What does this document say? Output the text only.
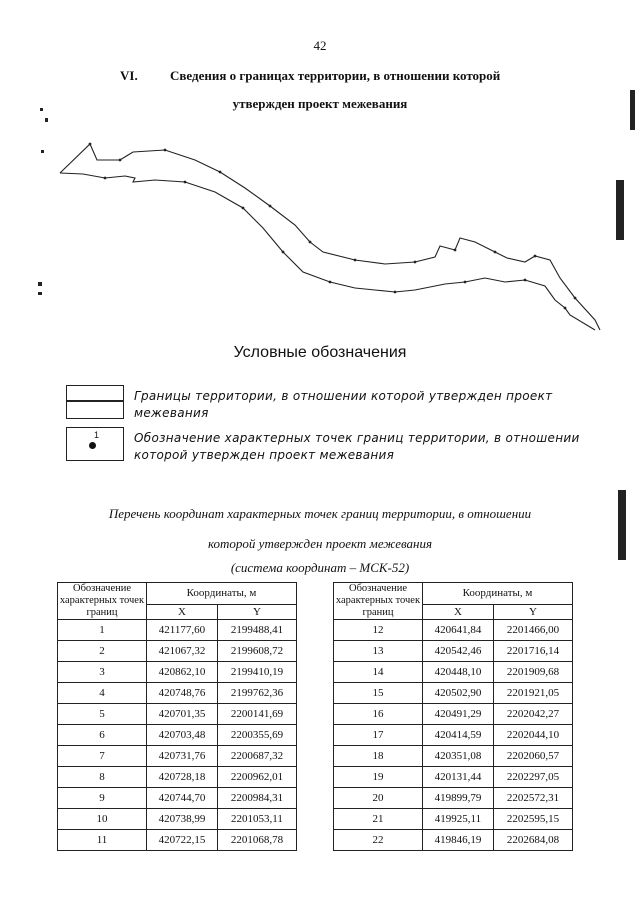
42
VI. Сведения о границах территории, в отношении которой
утвержден проект межевания
Условные обозначения
Границы территории, в отношении которой утвержден проект
межевания
1	Обозначение характерных точек границ территории, в отношении
которой утвержден проект межевания
Перечень координат характерных точек границ территории, в отношении
которой утвержден проект межевания
(система координат – МСК-52)
Обозначение характерных точек границ	Координаты, м	
	X	Y
1	421177,60	2199488,41
2	421067,32	2199608,72
3	420862,10	2199410,19
4	420748,76	2199762,36
5	420701,35	2200141,69
6	420703,48	2200355,69
7	420731,76	2200687,32
8	420728,18	2200962,01
9	420744,70	2200984,31
10	420738,99	2201053,11
11	420722,15	2201068,78
Обозначение характерных точек границ	Координаты, м	
	X	Y
12	420641,84	2201466,00
13	420542,46	2201716,14
14	420448,10	2201909,68
15	420502,90	2201921,05
16	420491,29	2202042,27
17	420414,59	2202044,10
18	420351,08	2202060,57
19	420131,44	2202297,05
20	419899,79	2202572,31
21	419925,11	2202595,15
22	419846,19	2202684,08
